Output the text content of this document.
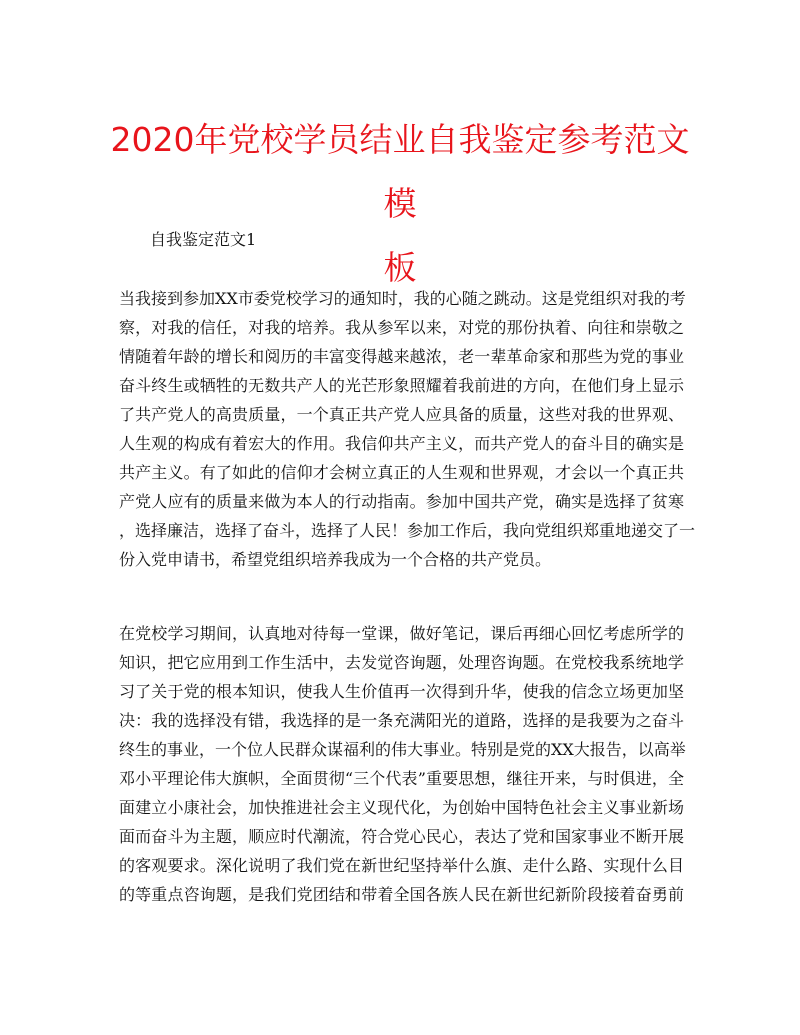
2020年党校学员结业自我鉴定参考范文模
板
自我鉴定范文1
当我接到参加XX市委党校学习的通知时，我的心随之跳动。这是党组织对我的考
察，对我的信任，对我的培养。我从参军以来，对党的那份执着、向往和崇敬之
情随着年龄的增长和阅历的丰富变得越来越浓，老一辈革命家和那些为党的事业
奋斗终生或牺牲的无数共产人的光芒形象照耀着我前进的方向，在他们身上显示
了共产党人的高贵质量，一个真正共产党人应具备的质量，这些对我的世界观、
人生观的构成有着宏大的作用。我信仰共产主义，而共产党人的奋斗目的确实是
共产主义。有了如此的信仰才会树立真正的人生观和世界观，才会以一个真正共
产党人应有的质量来做为本人的行动指南。参加中国共产党，确实是选择了贫寒
，选择廉洁，选择了奋斗，选择了人民！参加工作后，我向党组织郑重地递交了一
份入党申请书，希望党组织培养我成为一个合格的共产党员。
在党校学习期间，认真地对待每一堂课，做好笔记，课后再细心回忆考虑所学的
知识，把它应用到工作生活中，去发觉咨询题，处理咨询题。在党校我系统地学
习了关于党的根本知识，使我人生价值再一次得到升华，使我的信念立场更加坚
决：我的选择没有错，我选择的是一条充满阳光的道路，选择的是我要为之奋斗
终生的事业，一个位人民群众谋福利的伟大事业。特别是党的XX大报告，以高举
邓小平理论伟大旗帜，全面贯彻“三个代表”重要思想，继往开来，与时俱进，全
面建立小康社会，加快推进社会主义现代化，为创始中国特色社会主义事业新场
面而奋斗为主题，顺应时代潮流，符合党心民心，表达了党和国家事业不断开展
的客观要求。深化说明了我们党在新世纪坚持举什么旗、走什么路、实现什么目
的等重点咨询题，是我们党团结和带着全国各族人民在新世纪新阶段接着奋勇前
